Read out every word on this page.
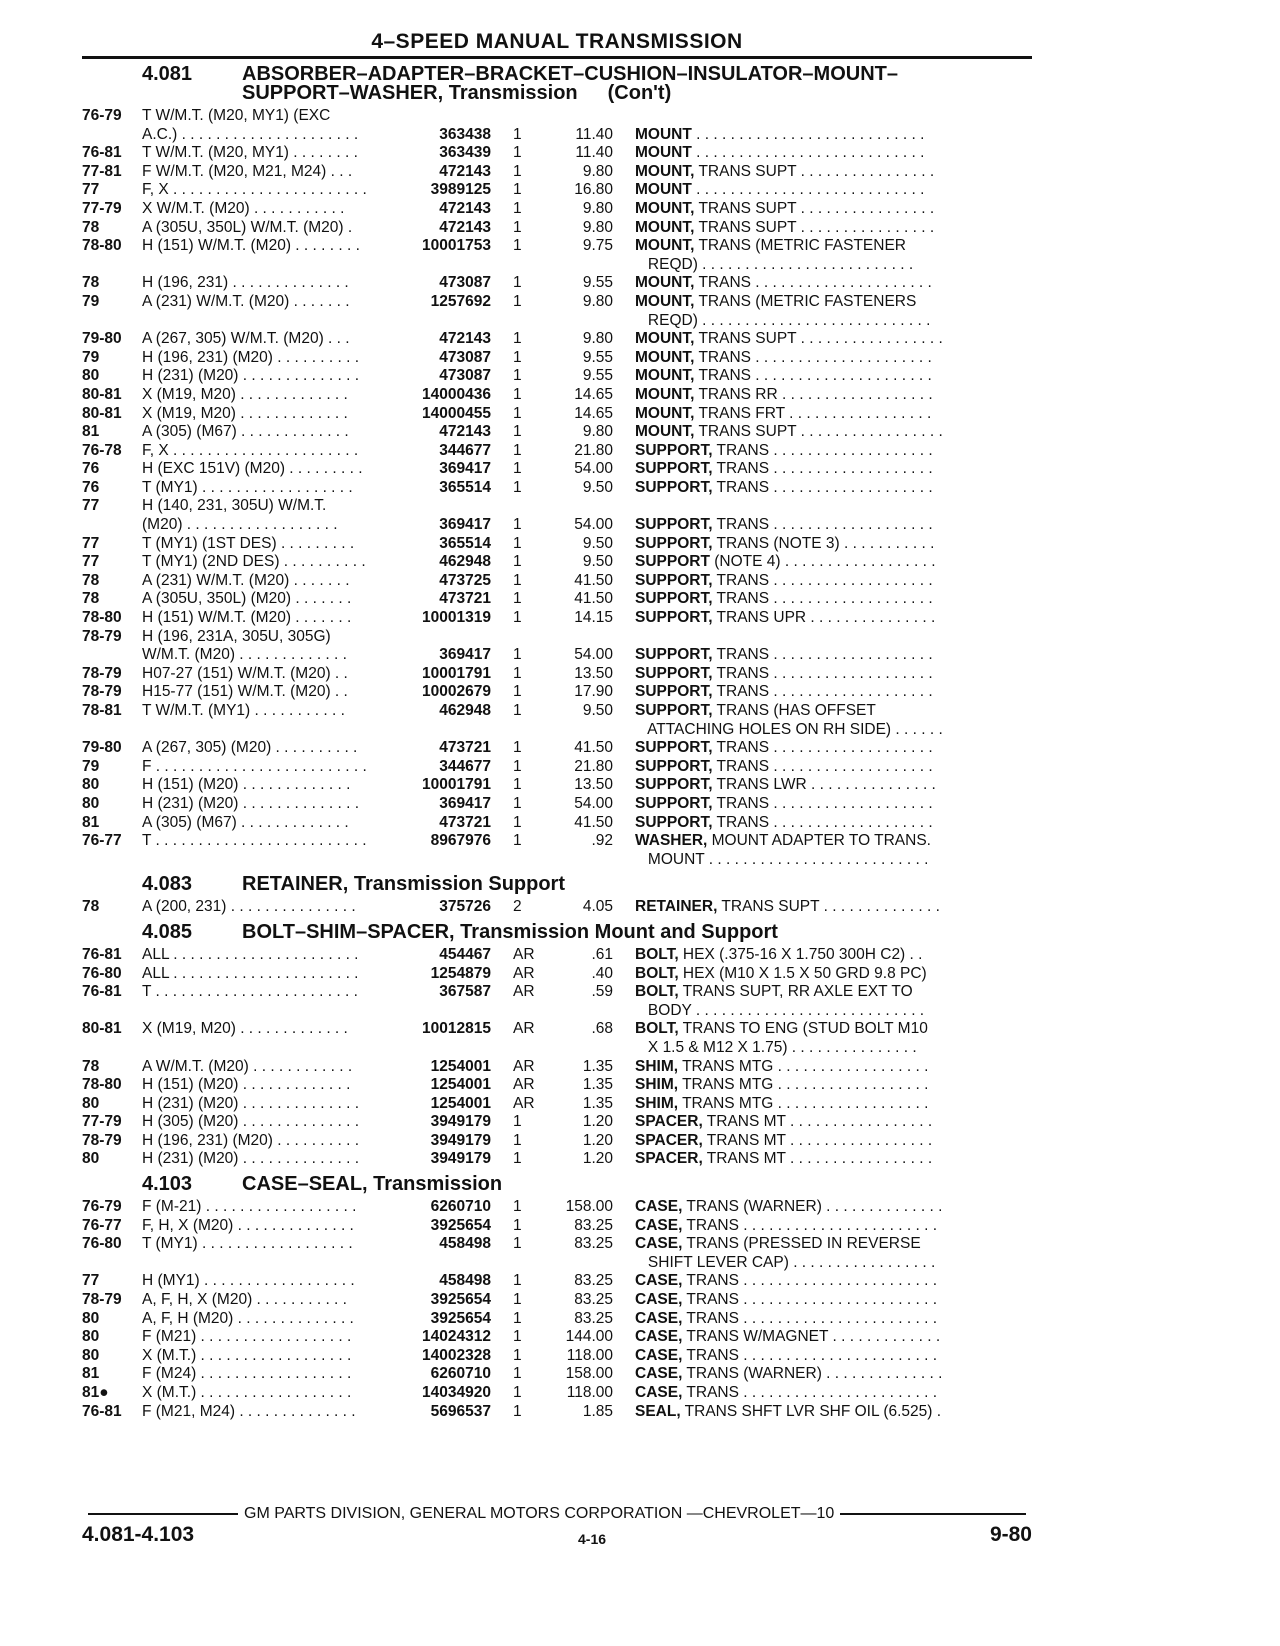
4–SPEED MANUAL TRANSMISSION
4.081	ABSORBER–ADAPTER–BRACKET–CUSHION–INSULATOR–MOUNT–
SUPPORT–WASHER, Transmission (Con't)
76-79	T W/M.T. (M20, MY1) (EXC
A.C.) . . . . . . . . . . . . . . . . . . . . .	363438 1	11.40 MOUNT . . . . . . . . . . . . . . . . . . . . . . . . . . .
76-81	T W/M.T. (M20, MY1) . . . . . . . .	363439 1	11.40 MOUNT . . . . . . . . . . . . . . . . . . . . . . . . . . .
77-81	F W/M.T. (M20, M21, M24) . . .	472143 1	9.80 MOUNT, TRANS SUPT . . . . . . . . . . . . . . . .
77	F, X . . . . . . . . . . . . . . . . . . . . . . .	3989125 1	16.80 MOUNT . . . . . . . . . . . . . . . . . . . . . . . . . . .
77-79	X W/M.T. (M20) . . . . . . . . . . .	472143 1	9.80 MOUNT, TRANS SUPT . . . . . . . . . . . . . . . .
78	A (305U, 350L) W/M.T. (M20) .	472143 1	9.80 MOUNT, TRANS SUPT . . . . . . . . . . . . . . . .
78-80	H (151) W/M.T. (M20) . . . . . . . .	10001753 1	9.75 MOUNT, TRANS (METRIC FASTENER
REQD) . . . . . . . . . . . . . . . . . . . . . . . . .
78	H (196, 231) . . . . . . . . . . . . . .	473087 1	9.55 MOUNT, TRANS . . . . . . . . . . . . . . . . . . . . .
79	A (231) W/M.T. (M20) . . . . . . .	1257692 1	9.80 MOUNT, TRANS (METRIC FASTENERS
REQD) . . . . . . . . . . . . . . . . . . . . . . . . . . .
79-80	A (267, 305) W/M.T. (M20) . . .	472143 1	9.80 MOUNT, TRANS SUPT . . . . . . . . . . . . . . . . .
79	H (196, 231) (M20) . . . . . . . . . .	473087 1	9.55 MOUNT, TRANS . . . . . . . . . . . . . . . . . . . . .
80	H (231) (M20) . . . . . . . . . . . . . .	473087 1	9.55 MOUNT, TRANS . . . . . . . . . . . . . . . . . . . . .
80-81	X (M19, M20) . . . . . . . . . . . . .	14000436 1	14.65 MOUNT, TRANS RR . . . . . . . . . . . . . . . . . .
80-81	X (M19, M20) . . . . . . . . . . . . .	14000455 1	14.65 MOUNT, TRANS FRT . . . . . . . . . . . . . . . . .
81	A (305) (M67) . . . . . . . . . . . . .	472143 1	9.80 MOUNT, TRANS SUPT . . . . . . . . . . . . . . . . .
76-78	F, X . . . . . . . . . . . . . . . . . . . . . .	344677 1	21.80 SUPPORT, TRANS . . . . . . . . . . . . . . . . . . .
76	H (EXC 151V) (M20) . . . . . . . . .	369417 1	54.00 SUPPORT, TRANS . . . . . . . . . . . . . . . . . . .
76	T (MY1) . . . . . . . . . . . . . . . . . .	365514 1	9.50 SUPPORT, TRANS . . . . . . . . . . . . . . . . . . .
77	H (140, 231, 305U) W/M.T.
(M20) . . . . . . . . . . . . . . . . . .	369417 1	54.00 SUPPORT, TRANS . . . . . . . . . . . . . . . . . . .
77	T (MY1) (1ST DES) . . . . . . . . .	365514 1	9.50 SUPPORT, TRANS (NOTE 3) . . . . . . . . . . .
77	T (MY1) (2ND DES) . . . . . . . . . .	462948 1	9.50 SUPPORT (NOTE 4) . . . . . . . . . . . . . . . . . .
78	A (231) W/M.T. (M20) . . . . . . .	473725 1	41.50 SUPPORT, TRANS . . . . . . . . . . . . . . . . . . .
78	A (305U, 350L) (M20) . . . . . . .	473721 1	41.50 SUPPORT, TRANS . . . . . . . . . . . . . . . . . . .
78-80	H (151) W/M.T. (M20) . . . . . . .	10001319 1	14.15 SUPPORT, TRANS UPR . . . . . . . . . . . . . . .
78-79	H (196, 231A, 305U, 305G)
W/M.T. (M20) . . . . . . . . . . . . .	369417 1	54.00 SUPPORT, TRANS . . . . . . . . . . . . . . . . . . .
78-79	H07-27 (151) W/M.T. (M20) . .	10001791 1	13.50 SUPPORT, TRANS . . . . . . . . . . . . . . . . . . .
78-79	H15-77 (151) W/M.T. (M20) . .	10002679 1	17.90 SUPPORT, TRANS . . . . . . . . . . . . . . . . . . .
78-81	T W/M.T. (MY1) . . . . . . . . . . .	462948 1	9.50 SUPPORT, TRANS (HAS OFFSET
ATTACHING HOLES ON RH SIDE) . . . . . .
79-80	A (267, 305) (M20) . . . . . . . . . .	473721 1	41.50 SUPPORT, TRANS . . . . . . . . . . . . . . . . . . .
79	F . . . . . . . . . . . . . . . . . . . . . . . . .	344677 1	21.80 SUPPORT, TRANS . . . . . . . . . . . . . . . . . . .
80	H (151) (M20) . . . . . . . . . . . . .	10001791 1	13.50 SUPPORT, TRANS LWR . . . . . . . . . . . . . . .
80	H (231) (M20) . . . . . . . . . . . . . .	369417 1	54.00 SUPPORT, TRANS . . . . . . . . . . . . . . . . . . .
81	A (305) (M67) . . . . . . . . . . . . .	473721 1	41.50 SUPPORT, TRANS . . . . . . . . . . . . . . . . . . .
76-77	T . . . . . . . . . . . . . . . . . . . . . . . . .	8967976 1	.92 WASHER, MOUNT ADAPTER TO TRANS.
MOUNT . . . . . . . . . . . . . . . . . . . . . . . . . .
4.083	RETAINER, Transmission Support
78	A (200, 231) . . . . . . . . . . . . . . .	375726 2	4.05 RETAINER, TRANS SUPT . . . . . . . . . . . . . .
4.085	BOLT–SHIM–SPACER, Transmission Mount and Support
76-81	ALL . . . . . . . . . . . . . . . . . . . . . .	454467 AR	.61 BOLT, HEX (.375-16 X 1.750 300H C2) . .
76-80	ALL . . . . . . . . . . . . . . . . . . . . . .	1254879 AR	.40 BOLT, HEX (M10 X 1.5 X 50 GRD 9.8 PC)
76-81	T . . . . . . . . . . . . . . . . . . . . . . . .	367587 AR	.59 BOLT, TRANS SUPT, RR AXLE EXT TO
BODY . . . . . . . . . . . . . . . . . . . . . . . . . . .
80-81	X (M19, M20) . . . . . . . . . . . . .	10012815 AR	.68 BOLT, TRANS TO ENG (STUD BOLT M10
X 1.5 & M12 X 1.75) . . . . . . . . . . . . . . .
78	A W/M.T. (M20) . . . . . . . . . . . .	1254001 AR	1.35 SHIM, TRANS MTG . . . . . . . . . . . . . . . . . .
78-80	H (151) (M20) . . . . . . . . . . . . .	1254001 AR	1.35 SHIM, TRANS MTG . . . . . . . . . . . . . . . . . .
80	H (231) (M20) . . . . . . . . . . . . . .	1254001 AR	1.35 SHIM, TRANS MTG . . . . . . . . . . . . . . . . . .
77-79	H (305) (M20) . . . . . . . . . . . . . .	3949179 1	1.20 SPACER, TRANS MT . . . . . . . . . . . . . . . . .
78-79	H (196, 231) (M20) . . . . . . . . . .	3949179 1	1.20 SPACER, TRANS MT . . . . . . . . . . . . . . . . .
80	H (231) (M20) . . . . . . . . . . . . . .	3949179 1	1.20 SPACER, TRANS MT . . . . . . . . . . . . . . . . .
4.103	CASE–SEAL, Transmission
76-79	F (M-21) . . . . . . . . . . . . . . . . . .	6260710 1	158.00 CASE, TRANS (WARNER) . . . . . . . . . . . . . .
76-77	F, H, X (M20) . . . . . . . . . . . . . .	3925654 1	83.25 CASE, TRANS . . . . . . . . . . . . . . . . . . . . . . .
76-80	T (MY1) . . . . . . . . . . . . . . . . . .	458498 1	83.25 CASE, TRANS (PRESSED IN REVERSE
SHIFT LEVER CAP) . . . . . . . . . . . . . . . . .
77	H (MY1) . . . . . . . . . . . . . . . . . .	458498 1	83.25 CASE, TRANS . . . . . . . . . . . . . . . . . . . . . . .
78-79	A, F, H, X (M20) . . . . . . . . . . .	3925654 1	83.25 CASE, TRANS . . . . . . . . . . . . . . . . . . . . . . .
80	A, F, H (M20) . . . . . . . . . . . . . .	3925654 1	83.25 CASE, TRANS . . . . . . . . . . . . . . . . . . . . . . .
80	F (M21) . . . . . . . . . . . . . . . . . .	14024312 1	144.00 CASE, TRANS W/MAGNET . . . . . . . . . . . . .
80	X (M.T.) . . . . . . . . . . . . . . . . . .	14002328 1	118.00 CASE, TRANS . . . . . . . . . . . . . . . . . . . . . . .
81	F (M24) . . . . . . . . . . . . . . . . . .	6260710 1	158.00 CASE, TRANS (WARNER) . . . . . . . . . . . . . .
81●	X (M.T.) . . . . . . . . . . . . . . . . . .	14034920 1	118.00 CASE, TRANS . . . . . . . . . . . . . . . . . . . . . . .
76-81	F (M21, M24) . . . . . . . . . . . . . .	5696537 1	1.85 SEAL, TRANS SHFT LVR SHF OIL (6.525) .
GM PARTS DIVISION, GENERAL MOTORS CORPORATION —CHEVROLET—10
4.081-4.103	4-16	9-80
